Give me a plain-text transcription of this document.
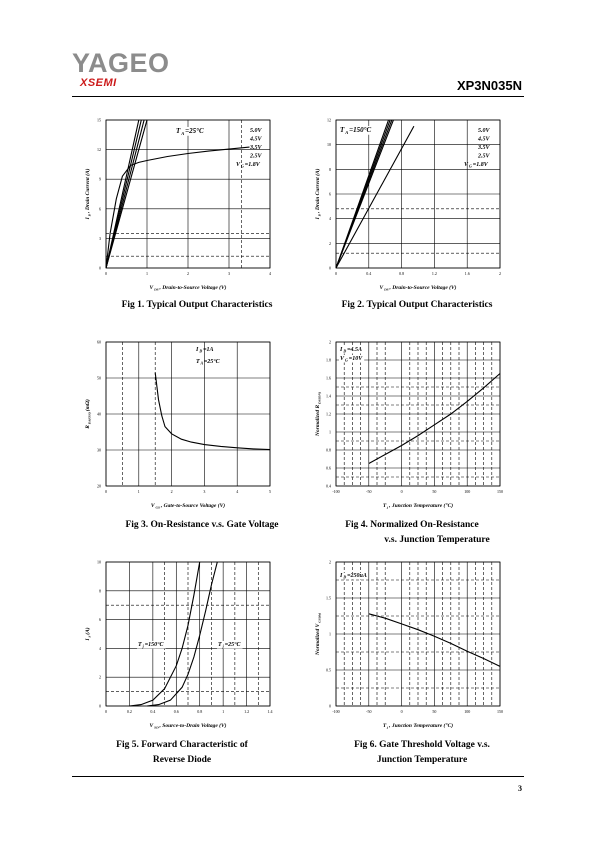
YAGEO
XSEMI	XP3N035N
0	1	2	3	4
0
3
6
9
12
15
V $_{DS}$ , Drain-to-Source Voltage (V)
I $_D$ , Drain Current (A)
T $_A$ =25°C	5.0V
4.5V
3.5V
2.5V
V $_G$ =1.8V
0	0.4	0.8	1.2	1.6	2
0
2
4
6
8
10
12
V $_{DS}$ , Drain-to-Source Voltage (V)
I $_D$ , Drain Current (A)
T $_A$ =150°C	5.0V
4.5V
3.5V
2.5V
V $_G$ =1.8V
0	1	2	3	4	5
20
30
40
50
60
V $_{GS}$ , Gate-to-Source Voltage (V)
R $_{DS(ON)}$ (mΩ)
I $_D$ =1A
T $_A$ =25°C
-100	-50	0	50	100	150
0.4
0.6
0.8
1
1.2
1.4
1.6
1.8
2
T $_j$ , Junction Temperature (°C)
Normalized R $_{DS(ON)}$
I $_D$ =4.5A
V $_G$ =10V
0	0.2	0.4	0.6	0.8	1	1.2	1.4
0
2
4
6
8
10
V $_{SD}$ , Source-to-Drain Voltage (V)
I $_S$ (A)
T $_j$ =150°C	T $_j$ =25°C
-100	-50	0	50	100	150
0
0.5
1
1.5
2
T $_j$ , Junction Temperature (°C)
Normalized V $_{GS(th)}$
I $_D$ =250uA
Fig 1. Typical Output Characteristics	Fig 2. Typical Output Characteristics
Fig 3. On-Resistance v.s. Gate Voltage	Fig 4. Normalized On-Resistance
v.s. Junction Temperature
Fig 5. Forward Characteristic of
Reverse Diode
Fig 6. Gate Threshold Voltage v.s.
Junction Temperature
3
